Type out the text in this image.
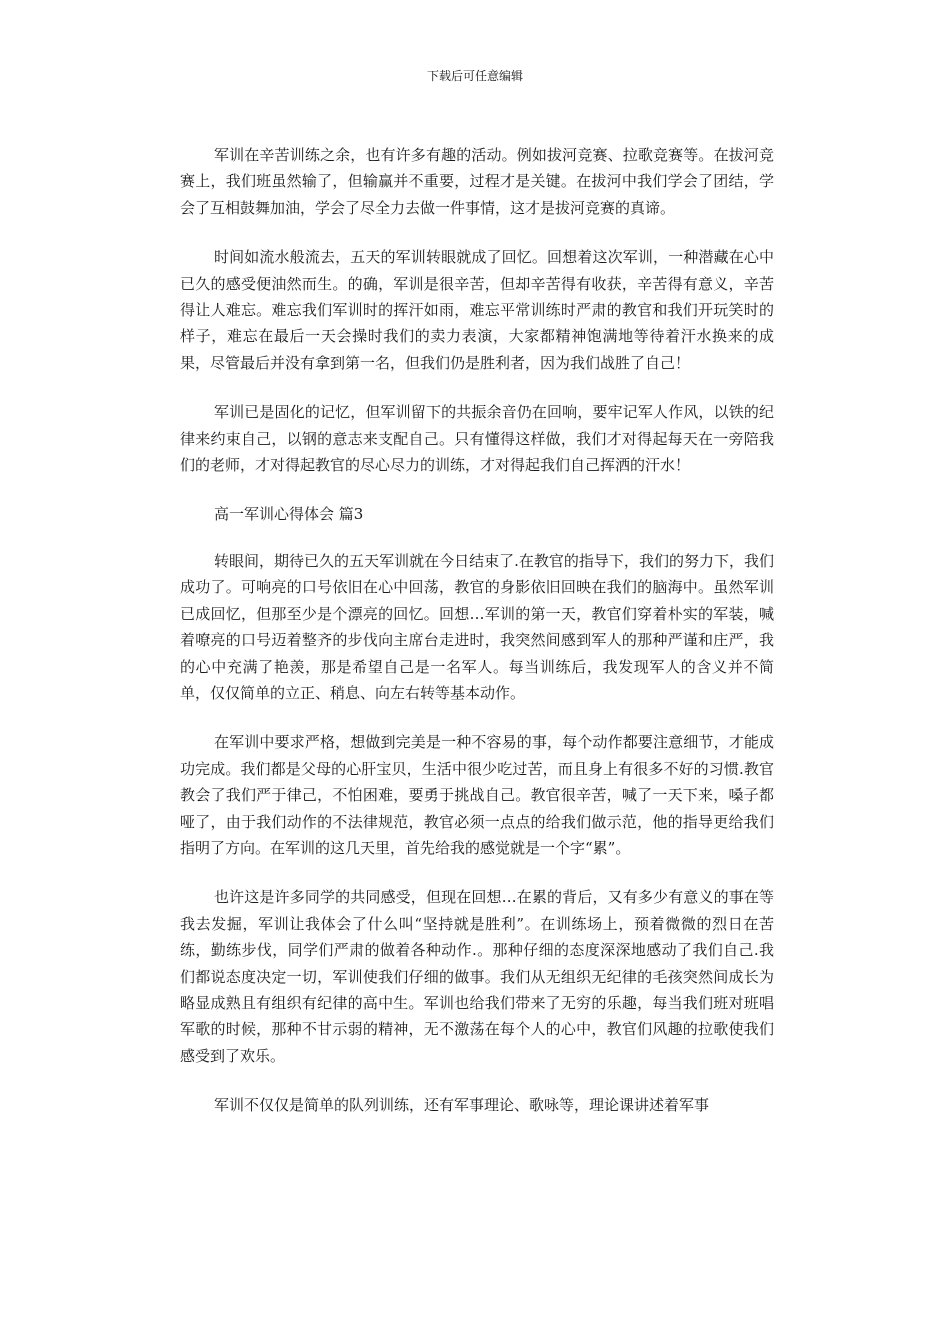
下载后可任意编辑

军训在辛苦训练之余，也有许多有趣的活动。例如拔河竞赛、拉歌竞赛等。在拔河竞赛上，我们班虽然输了，但输赢并不重要，过程才是关键。在拔河中我们学会了团结，学会了互相鼓舞加油，学会了尽全力去做一件事情，这才是拔河竞赛的真谛。

时间如流水般流去，五天的军训转眼就成了回忆。回想着这次军训，一种潜藏在心中已久的感受便油然而生。的确，军训是很辛苦，但却辛苦得有收获，辛苦得有意义，辛苦得让人难忘。难忘我们军训时的挥汗如雨，难忘平常训练时严肃的教官和我们开玩笑时的样子，难忘在最后一天会操时我们的卖力表演，大家都精神饱满地等待着汗水换来的成果，尽管最后并没有拿到第一名，但我们仍是胜利者，因为我们战胜了自己！

军训已是固化的记忆，但军训留下的共振余音仍在回响，要牢记军人作风，以铁的纪律来约束自己，以钢的意志来支配自己。只有懂得这样做，我们才对得起每天在一旁陪我们的老师，才对得起教官的尽心尽力的训练，才对得起我们自己挥洒的汗水！

高一军训心得体会 篇3

转眼间，期待已久的五天军训就在今日结束了.在教官的指导下，我们的努力下，我们成功了。可响亮的口号依旧在心中回荡，教官的身影依旧回映在我们的脑海中。虽然军训已成回忆，但那至少是个漂亮的回忆。回想…军训的第一天，教官们穿着朴实的军装，喊着嘹亮的口号迈着整齐的步伐向主席台走进时，我突然间感到军人的那种严谨和庄严，我的心中充满了艳羡，那是希望自己是一名军人。每当训练后，我发现军人的含义并不简单，仅仅简单的立正、稍息、向左右转等基本动作。

在军训中要求严格，想做到完美是一种不容易的事，每个动作都要注意细节，才能成功完成。我们都是父母的心肝宝贝，生活中很少吃过苦，而且身上有很多不好的习惯.教官教会了我们严于律己，不怕困难，要勇于挑战自己。教官很辛苦，喊了一天下来，嗓子都哑了，由于我们动作的不法律规范，教官必须一点点的给我们做示范，他的指导更给我们指明了方向。在军训的这几天里，首先给我的感觉就是一个字“累”。

也许这是许多同学的共同感受，但现在回想…在累的背后，又有多少有意义的事在等我去发掘，军训让我体会了什么叫“坚持就是胜利”。在训练场上，预着微微的烈日在苦练，勤练步伐，同学们严肃的做着各种动作.。那种仔细的态度深深地感动了我们自己.我们都说态度决定一切，军训使我们仔细的做事。我们从无组织无纪律的毛孩突然间成长为略显成熟且有组织有纪律的高中生。军训也给我们带来了无穷的乐趣，每当我们班对班唱军歌的时候，那种不甘示弱的精神，无不激荡在每个人的心中，教官们风趣的拉歌使我们感受到了欢乐。

军训不仅仅是简单的队列训练，还有军事理论、歌咏等，理论课讲述着军事
